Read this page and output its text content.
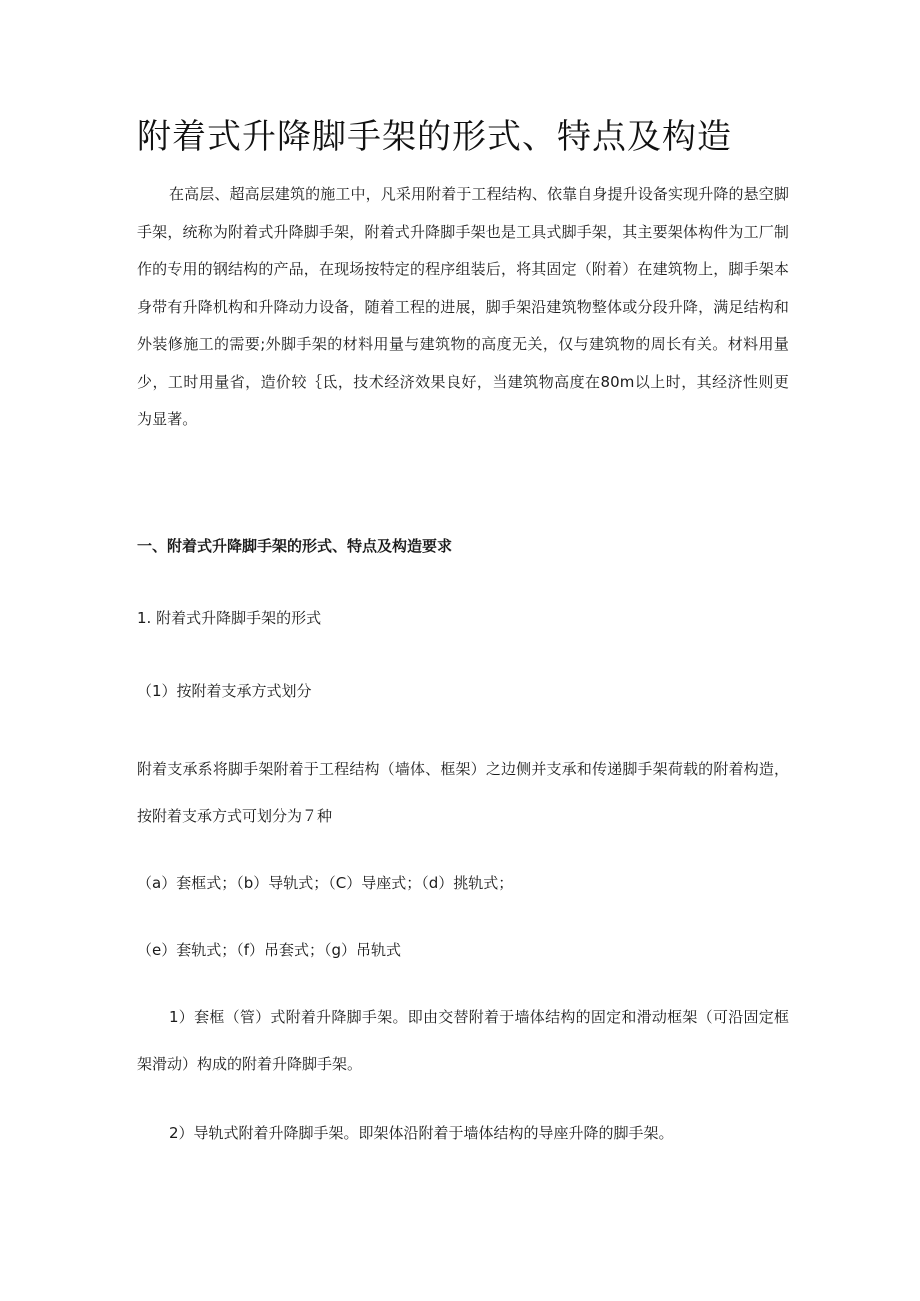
附着式升降脚手架的形式、特点及构造

在高层、超高层建筑的施工中，凡采用附着于工程结构、依靠自身提升设备实现升降的悬空脚手架，统称为附着式升降脚手架，附着式升降脚手架也是工具式脚手架，其主要架体构件为工厂制作的专用的钢结构的产品，在现场按特定的程序组装后，将其固定（附着）在建筑物上，脚手架本身带有升降机构和升降动力设备，随着工程的进展，脚手架沿建筑物整体或分段升降，满足结构和外装修施工的需要;外脚手架的材料用量与建筑物的高度无关，仅与建筑物的周长有关。材料用量少，工时用量省，造价较｛氐，技术经济效果良好，当建筑物高度在80m以上时，其经济性则更为显著。

一、附着式升降脚手架的形式、特点及构造要求

1. 附着式升降脚手架的形式

（1）按附着支承方式划分

附着支承系将脚手架附着于工程结构（墙体、框架）之边侧并支承和传递脚手架荷载的附着构造，按附着支承方式可划分为７种

（a）套框式；（b）导轨式；（C）导座式；（d）挑轨式；

（e）套轨式；（f）吊套式；（g）吊轨式

1）套框（管）式附着升降脚手架。即由交替附着于墙体结构的固定和滑动框架（可沿固定框架滑动）构成的附着升降脚手架。

2）导轨式附着升降脚手架。即架体沿附着于墙体结构的导座升降的脚手架。
